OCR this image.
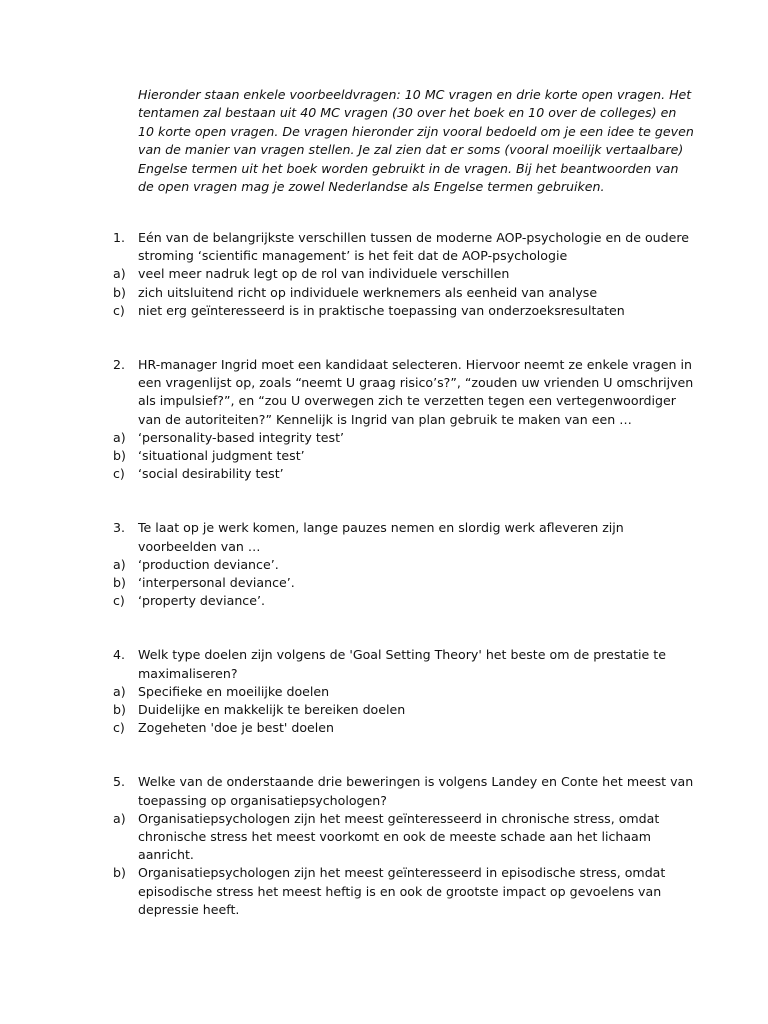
Hieronder staan enkele voorbeeldvragen: 10 MC vragen en drie korte open vragen. Het tentamen zal bestaan uit 40 MC vragen (30 over het boek en 10 over de colleges) en 10 korte open vragen. De vragen hieronder zijn vooral bedoeld om je een idee te geven van de manier van vragen stellen. Je zal zien dat er soms (vooral moeilijk vertaalbare) Engelse termen uit het boek worden gebruikt in de vragen. Bij het beantwoorden van de open vragen mag je zowel Nederlandse als Engelse termen gebruiken.

1. Eén van de belangrijkste verschillen tussen de moderne AOP-psychologie en de oudere stroming ‘scientific management’ is het feit dat de AOP-psychologie
a) veel meer nadruk legt op de rol van individuele verschillen
b) zich uitsluitend richt op individuele werknemers als eenheid van analyse
c) niet erg geïnteresseerd is in praktische toepassing van onderzoeksresultaten
2. HR-manager Ingrid moet een kandidaat selecteren. Hiervoor neemt ze enkele vragen in een vragenlijst op, zoals “neemt U graag risico’s?”, “zouden uw vrienden U omschrijven als impulsief?”, en “zou U overwegen zich te verzetten tegen een vertegenwoordiger van de autoriteiten?” Kennelijk is Ingrid van plan gebruik te maken van een …
a) ‘personality-based integrity test’
b) ‘situational judgment test’
c) ‘social desirability test’
3. Te laat op je werk komen, lange pauzes nemen en slordig werk afleveren zijn voorbeelden van …
a) ‘production deviance’.
b) ‘interpersonal deviance’.
c) ‘property deviance’.
4. Welk type doelen zijn volgens de 'Goal Setting Theory' het beste om de prestatie te maximaliseren?
a) Specifieke en moeilijke doelen
b) Duidelijke en makkelijk te bereiken doelen
c) Zogeheten 'doe je best' doelen
5. Welke van de onderstaande drie beweringen is volgens Landey en Conte het meest van toepassing op organisatiepsychologen?
a) Organisatiepsychologen zijn het meest geïnteresseerd in chronische stress, omdat chronische stress het meest voorkomt en ook de meeste schade aan het lichaam aanricht.
b) Organisatiepsychologen zijn het meest geïnteresseerd in episodische stress, omdat episodische stress het meest heftig is en ook de grootste impact op gevoelens van depressie heeft.
